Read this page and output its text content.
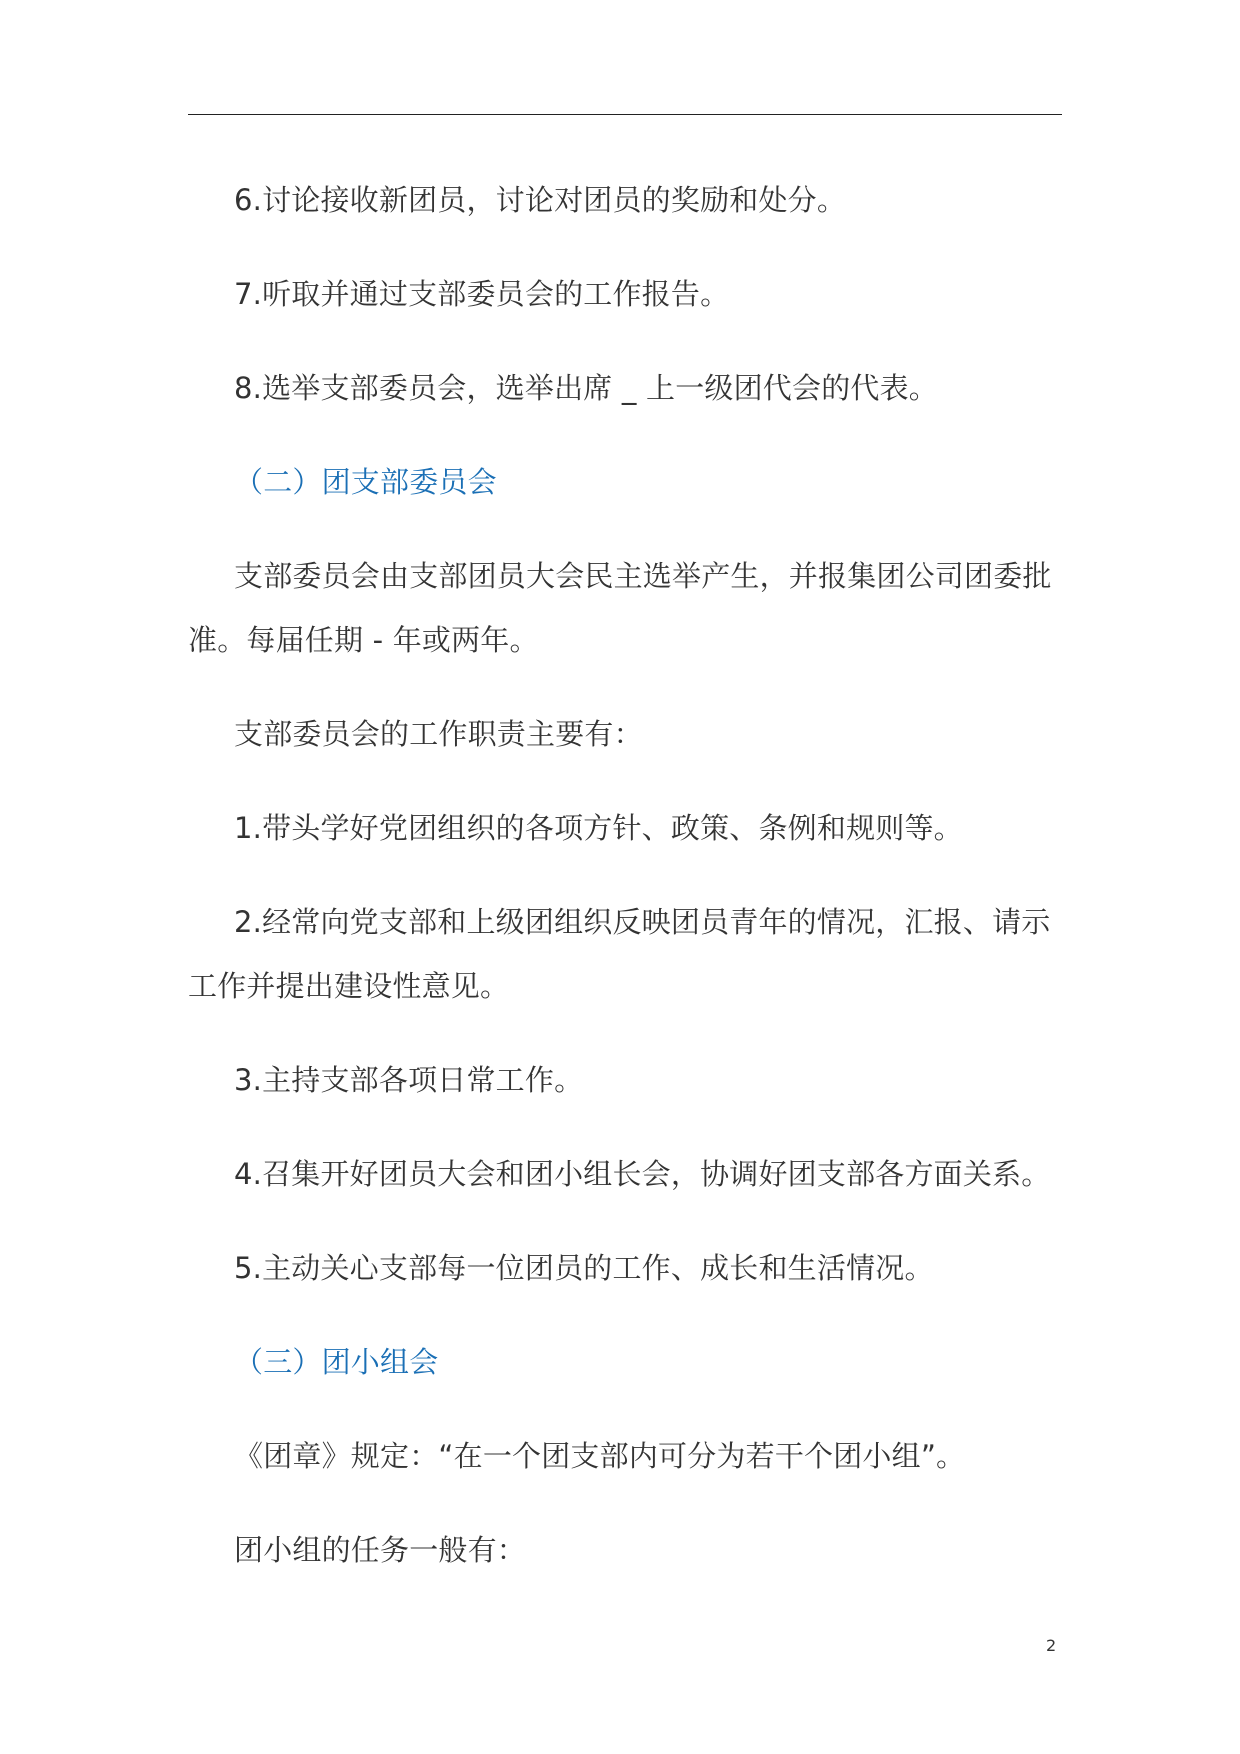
6.讨论接收新团员，讨论对团员的奖励和处分。

7.听取并通过支部委员会的工作报告。

8.选举支部委员会，选举出席 _ 上一级团代会的代表。

（二）团支部委员会

支部委员会由支部团员大会民主选举产生，并报集团公司团委批准。每届任期 - 年或两年。

支部委员会的工作职责主要有：

1.带头学好党团组织的各项方针、政策、条例和规则等。

2.经常向党支部和上级团组织反映团员青年的情况，汇报、请示工作并提出建设性意见。

3.主持支部各项日常工作。

4.召集开好团员大会和团小组长会，协调好团支部各方面关系。

5.主动关心支部每一位团员的工作、成长和生活情况。

（三）团小组会

《团章》规定：“在一个团支部内可分为若干个团小组”。

团小组的任务一般有：

2
